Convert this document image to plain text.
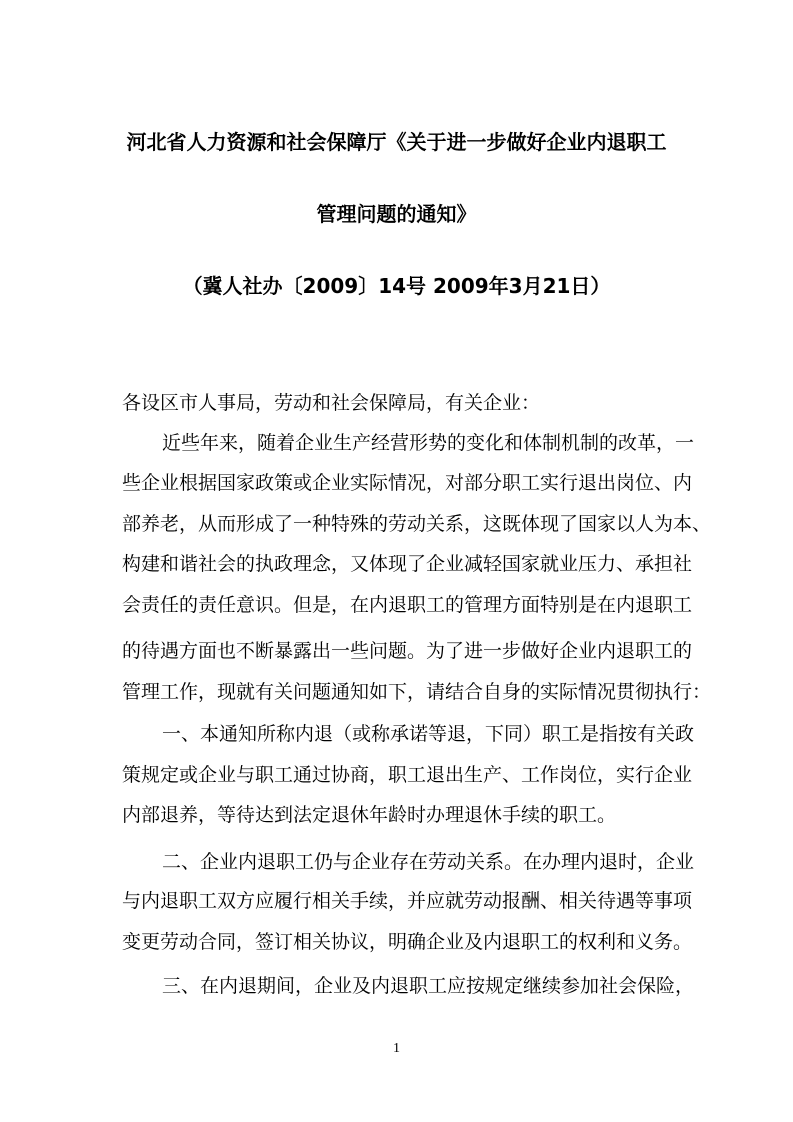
河北省人力资源和社会保障厅《关于进一步做好企业内退职工
管理问题的通知》
（冀人社办〔2009〕14号 2009年3月21日）
各设区市人事局，劳动和社会保障局，有关企业：
近些年来，随着企业生产经营形势的变化和体制机制的改革，一
些企业根据国家政策或企业实际情况，对部分职工实行退出岗位、内
部养老，从而形成了一种特殊的劳动关系，这既体现了国家以人为本、
构建和谐社会的执政理念，又体现了企业减轻国家就业压力、承担社
会责任的责任意识。但是，在内退职工的管理方面特别是在内退职工
的待遇方面也不断暴露出一些问题。为了进一步做好企业内退职工的
管理工作，现就有关问题通知如下，请结合自身的实际情况贯彻执行：
一、本通知所称内退（或称承诺等退，下同）职工是指按有关政
策规定或企业与职工通过协商，职工退出生产、工作岗位，实行企业
内部退养，等待达到法定退休年龄时办理退休手续的职工。
二、企业内退职工仍与企业存在劳动关系。在办理内退时，企业
与内退职工双方应履行相关手续，并应就劳动报酬、相关待遇等事项
变更劳动合同，签订相关协议，明确企业及内退职工的权利和义务。
三、在内退期间，企业及内退职工应按规定继续参加社会保险，
1
